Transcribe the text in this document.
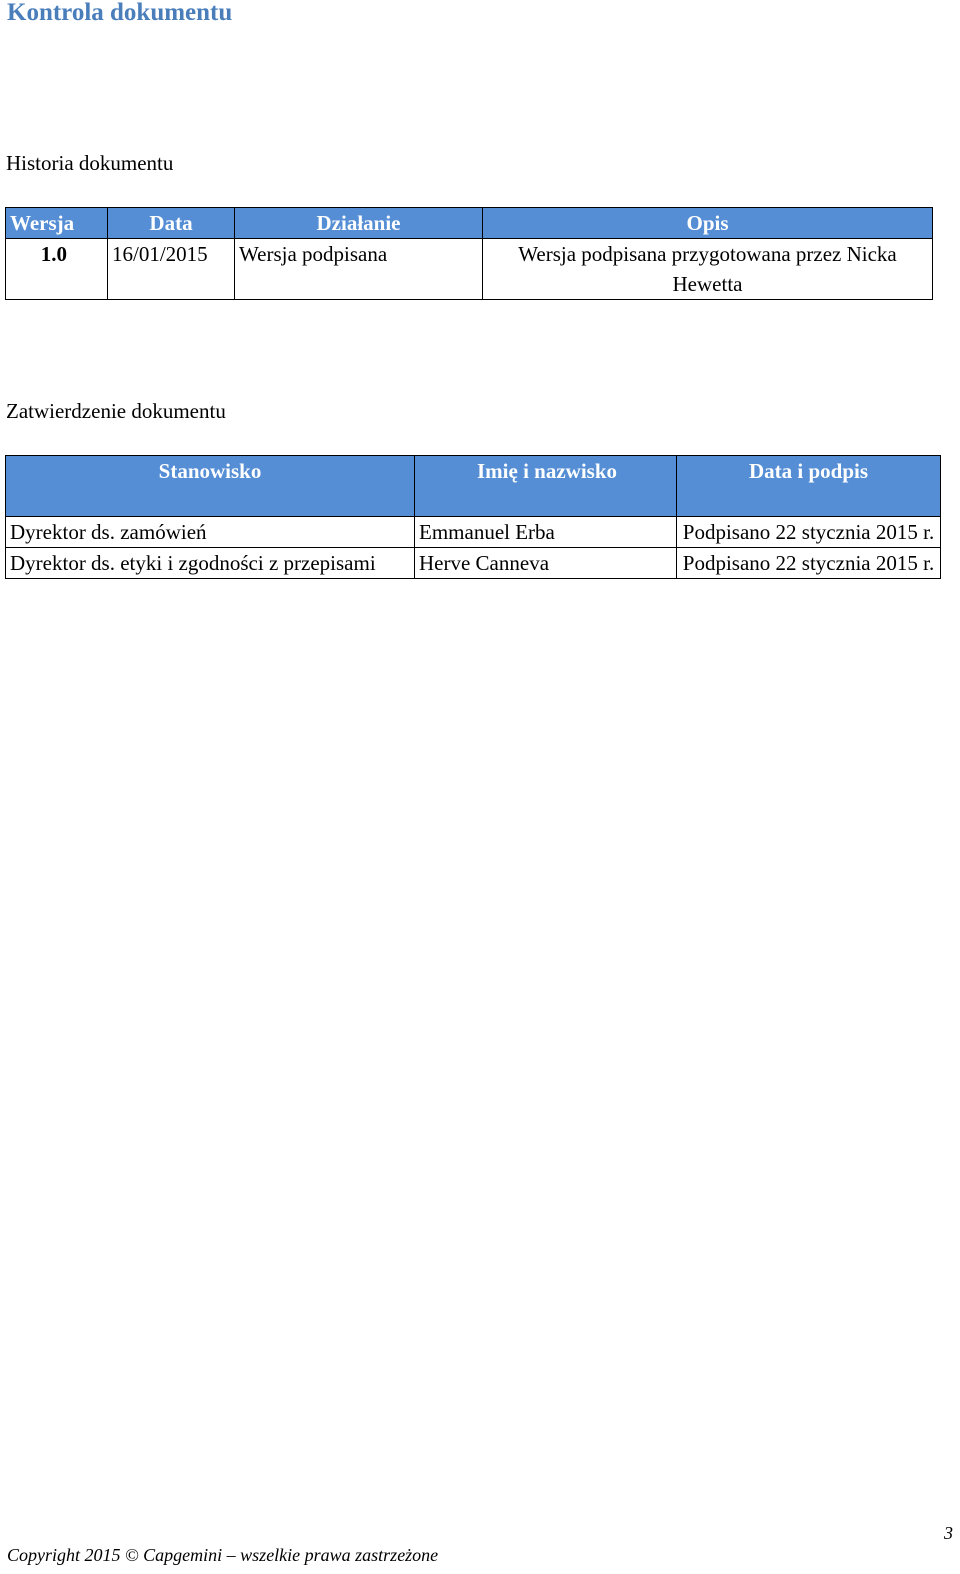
Kontrola dokumentu
Historia dokumentu
Wersja	Data	Działanie	Opis
1.0	16/01/2015	Wersja podpisana	Wersja podpisana przygotowana przez Nicka Hewetta
Zatwierdzenie dokumentu
Stanowisko	Imię i nazwisko	Data i podpis
Dyrektor ds. zamówień	Emmanuel Erba	Podpisano 22 stycznia 2015 r.
Dyrektor ds. etyki i zgodności z przepisami	Herve Canneva	Podpisano 22 stycznia 2015 r.
3
Copyright 2015 © Capgemini – wszelkie prawa zastrzeżone
